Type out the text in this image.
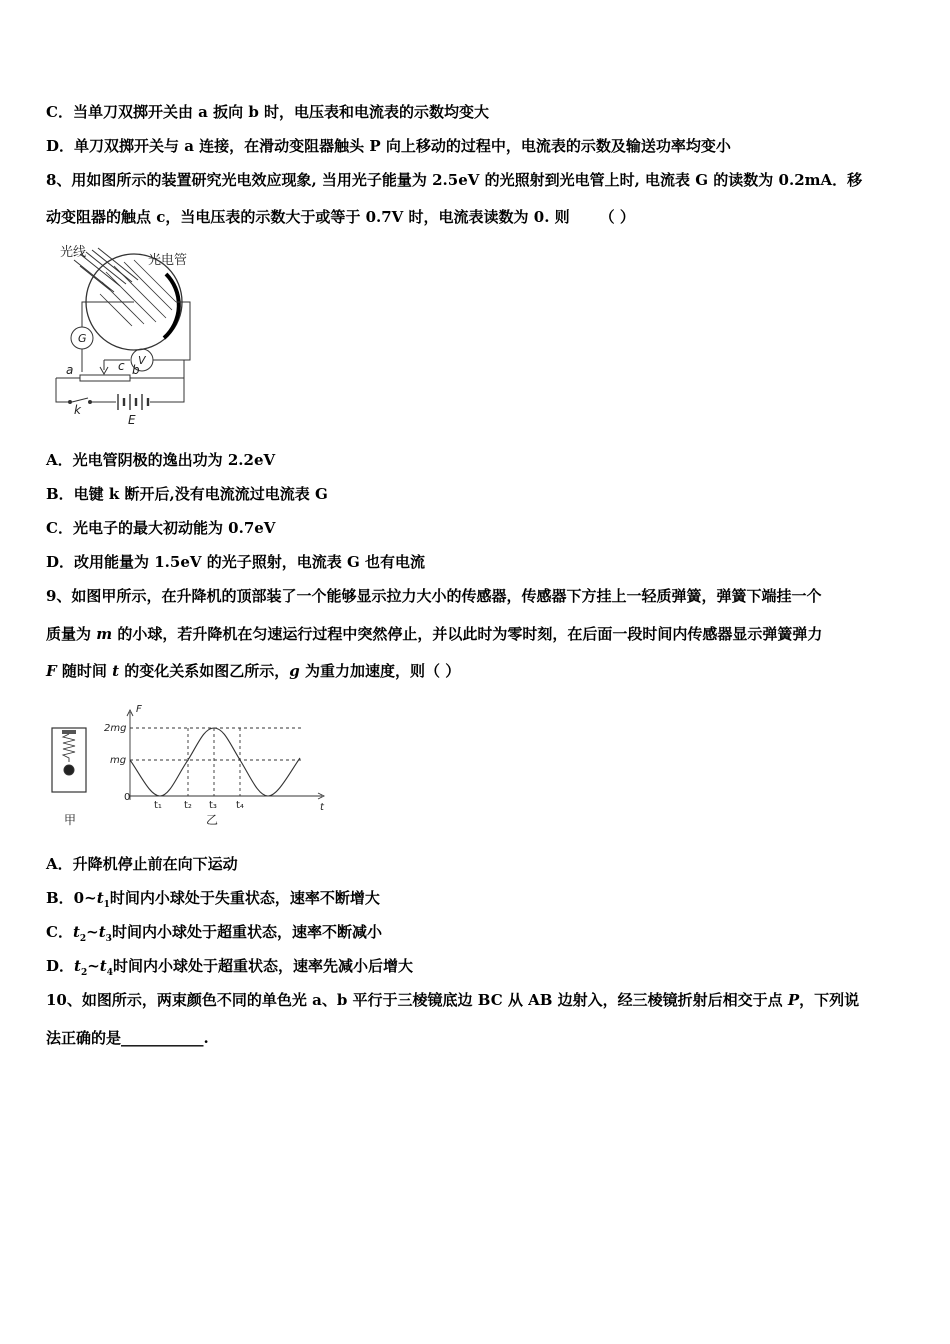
C．当单刀双掷开关由 a 扳向 b 时，电压表和电流表的示数均变大
D．单刀双掷开关与 a 连接，在滑动变阻器触头 P 向上移动的过程中，电流表的示数及输送功率均变小
8、用如图所示的装置研究光电效应现象, 当用光子能量为 2.5eV 的光照射到光电管上时, 电流表 G 的读数为 0.2mA．移
动变阻器的触点 c，当电压表的示数大于或等于 0.7V 时，电流表读数为 0. 则 （ ）
光线
光电管
G
V
a	b
c
k
E
A．光电管阴极的逸出功为 2.2eV
B．电键 k 断开后,没有电流流过电流表 G
C．光电子的最大初动能为 0.7eV
D．改用能量为 1.5eV 的光子照射，电流表 G 也有电流
9、如图甲所示，在升降机的顶部装了一个能够显示拉力大小的传感器，传感器下方挂上一轻质弹簧，弹簧下端挂一个
质量为 m 的小球，若升降机在匀速运行过程中突然停止，并以此时为零时刻，在后面一段时间内传感器显示弹簧弹力
F 随时间 t 的变化关系如图乙所示，g 为重力加速度，则（ ）
甲	乙
F
2mg
mg
0
t
t₁ t₂ t₃ t₄
A．升降机停止前在向下运动
B．$0\sim t_1$时间内小球处于失重状态，速率不断增大
C．$t_2\sim t_3$时间内小球处于超重状态，速率不断减小
D．$t_2\sim t_4$时间内小球处于超重状态，速率先减小后增大
10、如图所示，两束颜色不同的单色光 a、b 平行于三棱镜底边 BC 从 AB 边射入，经三棱镜折射后相交于点 P，下列说
法正确的是___________.
